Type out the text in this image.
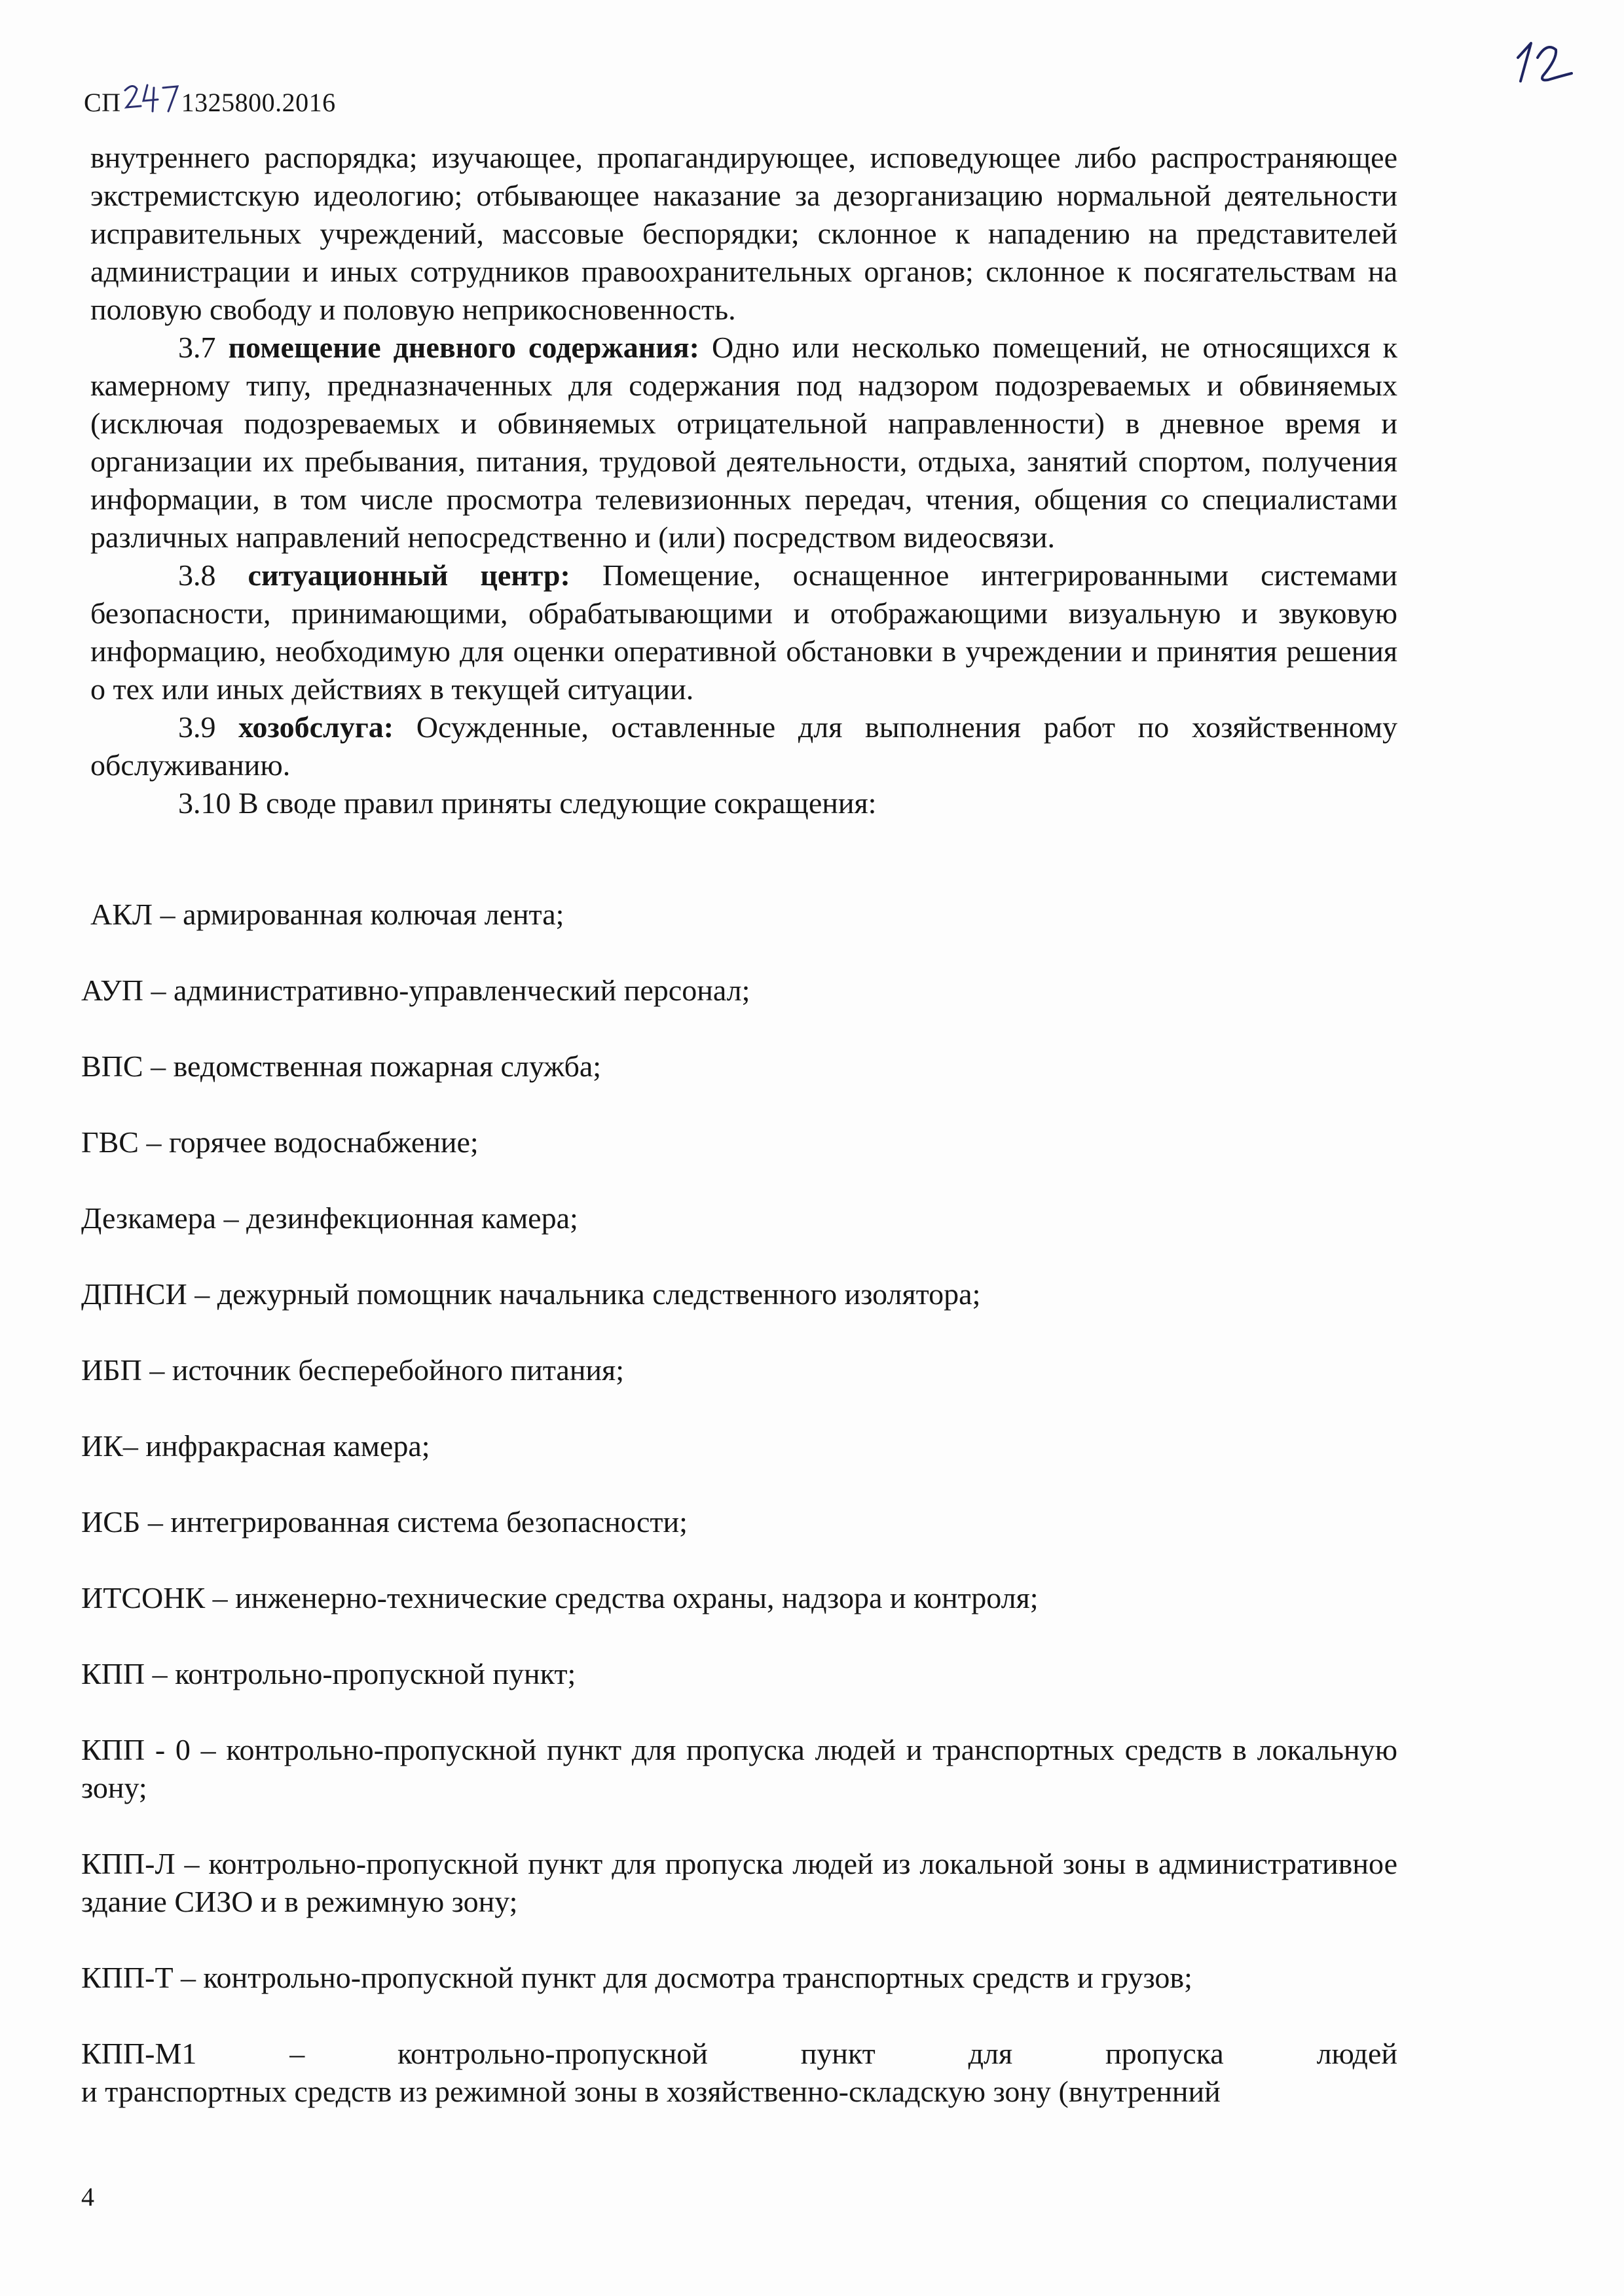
СП 1325800.2016

внутреннего распорядка; изучающее, пропагандирующее, исповедующее либо распространяющее экстремистскую идеологию; отбывающее наказание за дезорганизацию нормальной деятельности исправительных учреждений, массовые беспорядки; склонное к нападению на представителей администрации и иных сотрудников правоохранительных органов; склонное к посягательствам на половую свободу и половую неприкосновенность.

3.7 помещение дневного содержания: Одно или несколько помещений, не относящихся к камерному типу, предназначенных для содержания под надзором подозреваемых и обвиняемых (исключая подозреваемых и обвиняемых отрицательной направленности) в дневное время и организации их пребывания, питания, трудовой деятельности, отдыха, занятий спортом, получения информации, в том числе просмотра телевизионных передач, чтения, общения со специалистами различных направлений непосредственно и (или) посредством видеосвязи.

3.8 ситуационный центр: Помещение, оснащенное интегрированными системами безопасности, принимающими, обрабатывающими и отображающими визуальную и звуковую информацию, необходимую для оценки оперативной обстановки в учреждении и принятия решения о тех или иных действиях в текущей ситуации.

3.9 хозобслуга: Осужденные, оставленные для выполнения работ по хозяйственному обслуживанию.

3.10 В своде правил приняты следующие сокращения:

АКЛ – армированная колючая лента;

АУП – административно-управленческий персонал;

ВПС – ведомственная пожарная служба;

ГВС – горячее водоснабжение;

Дезкамера – дезинфекционная камера;

ДПНСИ – дежурный помощник начальника следственного изолятора;

ИБП – источник бесперебойного питания;

ИК– инфракрасная камера;

ИСБ – интегрированная система безопасности;

ИТСОНК – инженерно-технические средства охраны, надзора и контроля;

КПП – контрольно-пропускной пункт;

КПП - 0 – контрольно-пропускной пункт для пропуска людей и транспортных средств в локальную зону;

КПП-Л – контрольно-пропускной пункт для пропуска людей из локальной зоны в административное здание СИЗО и в режимную зону;

КПП-Т – контрольно-пропускной пункт для досмотра транспортных средств и грузов;

КПП-М1 – контрольно-пропускной пункт для пропуска людей

и транспортных средств из режимной зоны в хозяйственно-складскую зону (внутренний

4
